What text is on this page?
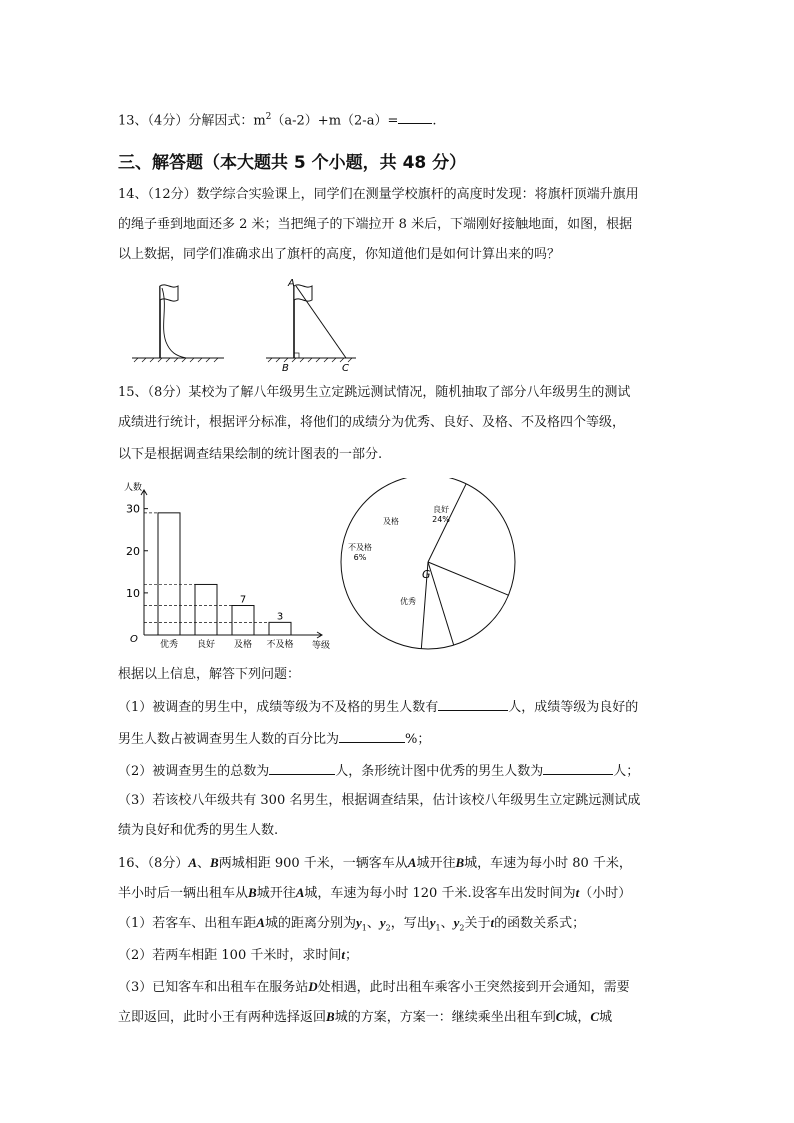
13、（4分）分解因式：$m^2(a-2)+m(2-a)=$	.
三、解答题（本大题共 5 个小题，共 48 分）
14、（12分）数学综合实验课上，同学们在测量学校旗杆的高度时发现：将旗杆顶端升旗用
的绳子垂到地面还多 2 米；当把绳子的下端拉开 8 米后，下端刚好接触地面，如图，根据
以上数据，同学们准确求出了旗杆的高度，你知道他们是如何计算出来的吗？
A
B	C
15、（8分）某校为了解八年级男生立定跳远测试情况，随机抽取了部分八年级男生的测试
成绩进行统计，根据评分标准，将他们的成绩分为优秀、良好、及格、不及格四个等级，
以下是根据调查结果绘制的统计图表的一部分.
人数
等级
O
10
20
30
优秀 良好 及格
7
不及格
3
良好
24%
及格
不及格
6%
优秀
G
根据以上信息，解答下列问题：
（1）被调查的男生中，成绩等级为不及格的男生人数有	人，成绩等级为良好的
男生人数占被调查男生人数的百分比为	%；
（2）被调查男生的总数为	人，条形统计图中优秀的男生人数为	人；
（3）若该校八年级共有 300 名男生，根据调查结果，估计该校八年级男生立定跳远测试成
绩为良好和优秀的男生人数.
16、（8分）A、B两城相距 900 千米，一辆客车从A城开往B城，车速为每小时 80 千米，
半小时后一辆出租车从B城开往A城，车速为每小时 120 千米.设客车出发时间为t（小时）
（1）若客车、出租车距A城的距离分别为$y_1$、$y_2$，写出$y_1$、$y_2$关于t的函数关系式；
（2）若两车相距 100 千米时，求时间t；
（3）已知客车和出租车在服务站D处相遇，此时出租车乘客小王突然接到开会通知，需要
立即返回，此时小王有两种选择返回B城的方案，方案一：继续乘坐出租车到C城，C城
